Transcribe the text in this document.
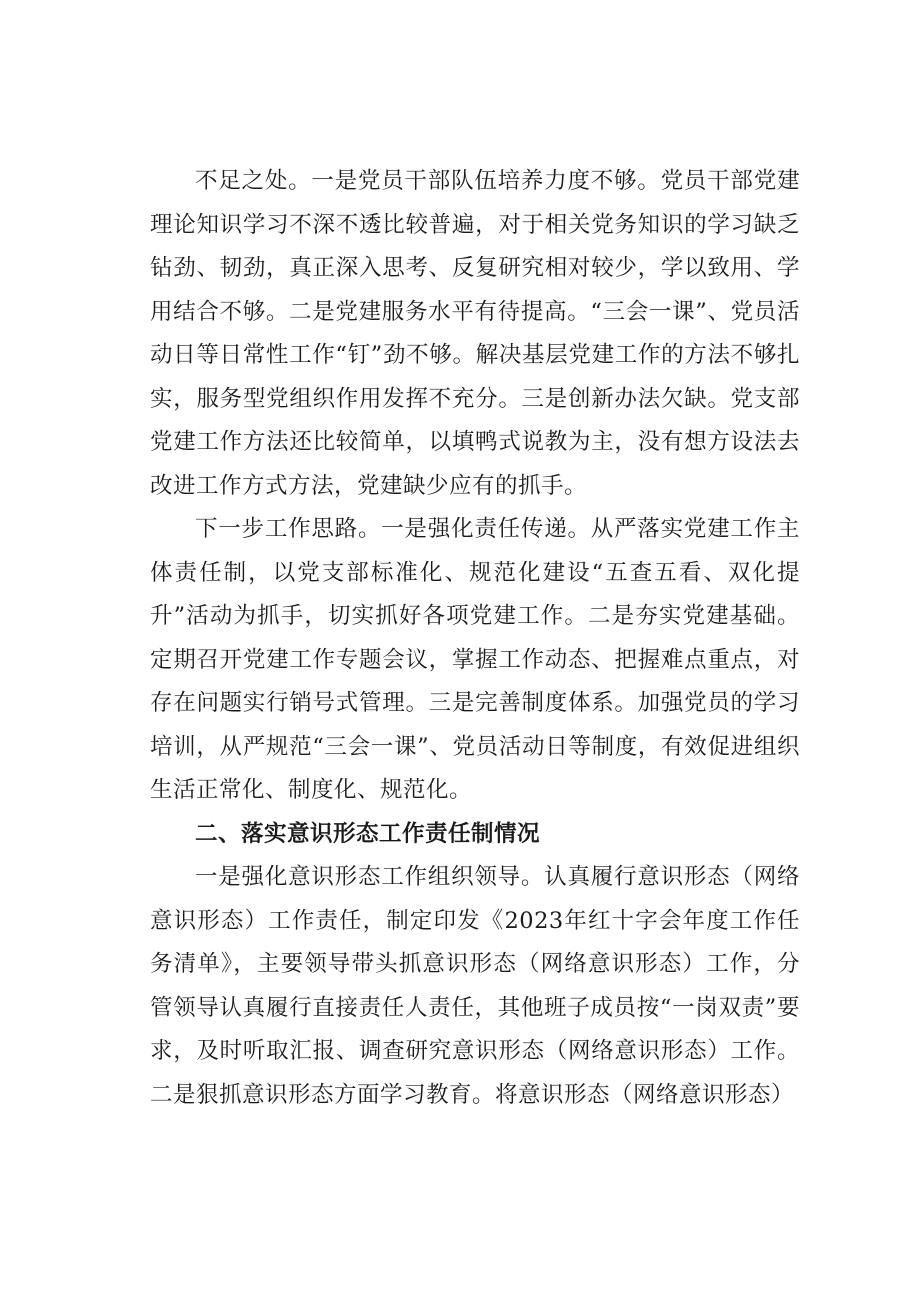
不足之处。一是党员干部队伍培养力度不够。党员干部党建理论知识学习不深不透比较普遍，对于相关党务知识的学习缺乏钻劲、韧劲，真正深入思考、反复研究相对较少，学以致用、学用结合不够。二是党建服务水平有待提高。“三会一课”、党员活动日等日常性工作“钉”劲不够。解决基层党建工作的方法不够扎实，服务型党组织作用发挥不充分。三是创新办法欠缺。党支部党建工作方法还比较简单，以填鸭式说教为主，没有想方设法去改进工作方式方法，党建缺少应有的抓手。

下一步工作思路。一是强化责任传递。从严落实党建工作主体责任制，以党支部标准化、规范化建设“五查五看、双化提升”活动为抓手，切实抓好各项党建工作。二是夯实党建基础。定期召开党建工作专题会议，掌握工作动态、把握难点重点，对存在问题实行销号式管理。三是完善制度体系。加强党员的学习培训，从严规范“三会一课”、党员活动日等制度，有效促进组织生活正常化、制度化、规范化。

二、落实意识形态工作责任制情况

一是强化意识形态工作组织领导。认真履行意识形态（网络意识形态）工作责任，制定印发《2023年红十字会年度工作任务清单》，主要领导带头抓意识形态（网络意识形态）工作，分管领导认真履行直接责任人责任，其他班子成员按“一岗双责”要求，及时听取汇报、调查研究意识形态（网络意识形态）工作。二是狠抓意识形态方面学习教育。将意识形态（网络意识形态）
